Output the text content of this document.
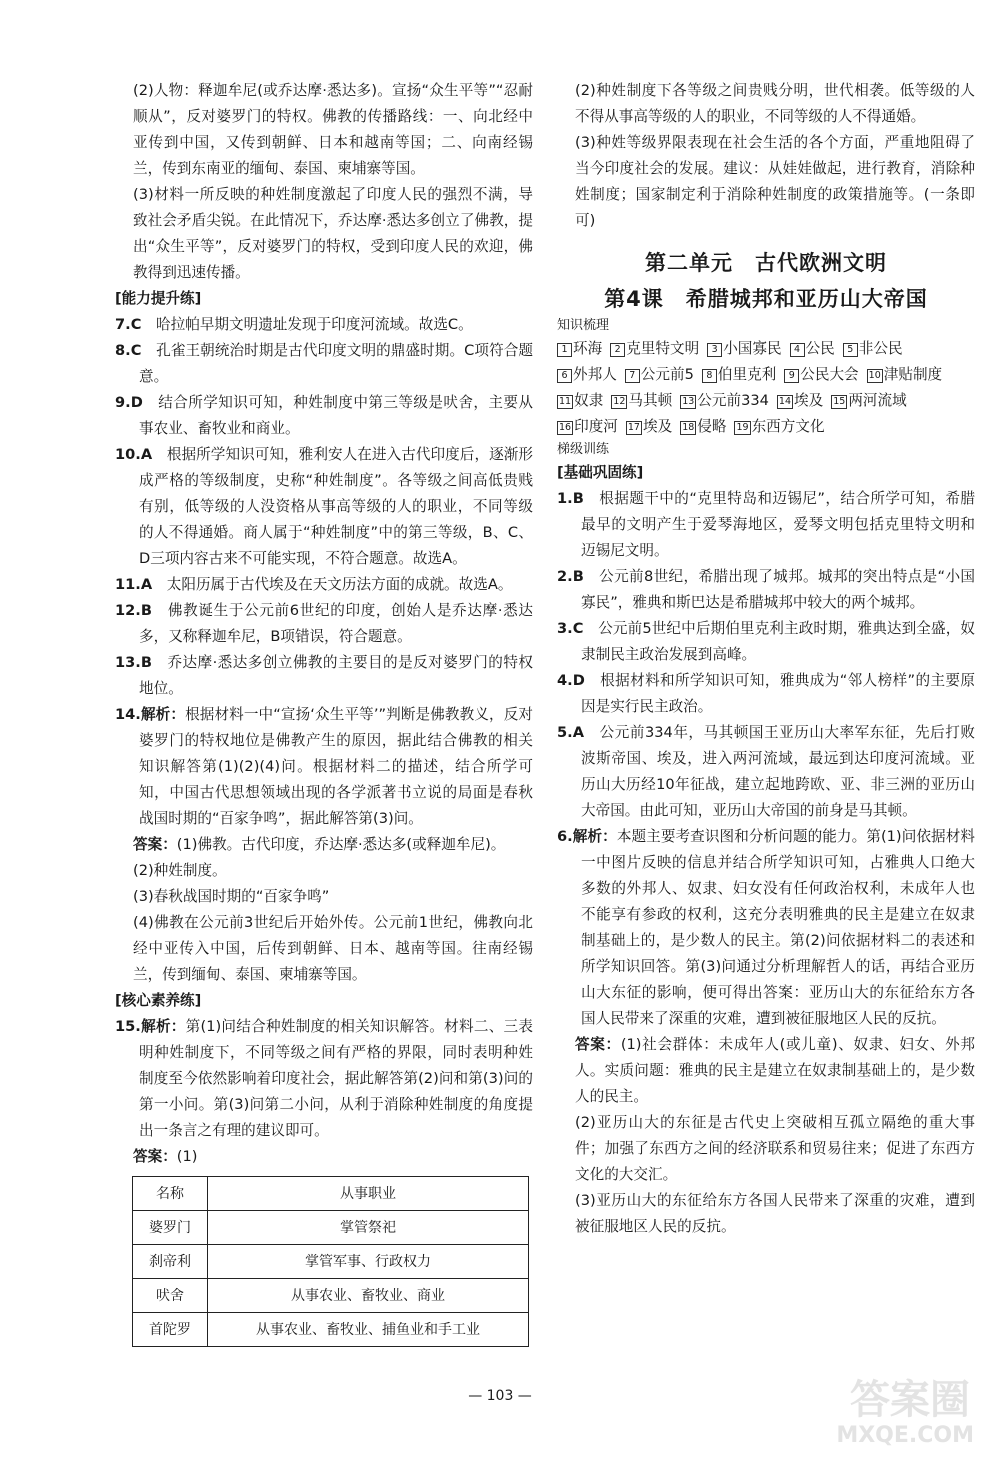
(2)人物：释迦牟尼(或乔达摩·悉达多)。宣扬“众生平等”“忍耐顺从”，反对婆罗门的特权。佛教的传播路线：一、向北经中亚传到中国，又传到朝鲜、日本和越南等国；二、向南经锡兰，传到东南亚的缅甸、泰国、柬埔寨等国。

(3)材料一所反映的种姓制度激起了印度人民的强烈不满，导致社会矛盾尖锐。在此情况下，乔达摩·悉达多创立了佛教，提出“众生平等”，反对婆罗门的特权，受到印度人民的欢迎，佛教得到迅速传播。

[能力提升练]

7.C　 哈拉帕早期文明遗址发现于印度河流域。故选C。

8.C　 孔雀王朝统治时期是古代印度文明的鼎盛时期。C项符合题意。

9.D　 结合所学知识可知，种姓制度中第三等级是吠舍，主要从事农业、畜牧业和商业。

10.A　 根据所学知识可知，雅利安人在进入古代印度后，逐渐形成严格的等级制度，史称“种姓制度”。各等级之间高低贵贱有别，低等级的人没资格从事高等级的人的职业，不同等级的人不得通婚。商人属于“种姓制度”中的第三等级，B、C、D三项内容古来不可能实现，不符合题意。故选A。

11.A　 太阳历属于古代埃及在天文历法方面的成就。故选A。

12.B　 佛教诞生于公元前6世纪的印度，创始人是乔达摩·悉达多，又称释迦牟尼，B项错误，符合题意。

13.B　 乔达摩·悉达多创立佛教的主要目的是反对婆罗门的特权地位。

14.解析：根据材料一中“宣扬‘众生平等’”判断是佛教教义，反对婆罗门的特权地位是佛教产生的原因，据此结合佛教的相关知识解答第(1)(2)(4)问。根据材料二的描述，结合所学可知，中国古代思想领域出现的各学派著书立说的局面是春秋战国时期的“百家争鸣”，据此解答第(3)问。

答案：(1)佛教。古代印度，乔达摩·悉达多(或释迦牟尼)。

(2)种姓制度。

(3)春秋战国时期的“百家争鸣”

(4)佛教在公元前3世纪后开始外传。公元前1世纪，佛教向北经中亚传入中国，后传到朝鲜、日本、越南等国。往南经锡兰，传到缅甸、泰国、柬埔寨等国。

[核心素养练]

15.解析：第(1)问结合种姓制度的相关知识解答。材料二、三表明种姓制度下，不同等级之间有严格的界限，同时表明种姓制度至今依然影响着印度社会，据此解答第(2)问和第(3)问的第一小问。第(3)问第二小问，从利于消除种姓制度的角度提出一条言之有理的建议即可。

答案：(1)

名称	从事职业
婆罗门	掌管祭祀
刹帝利	掌管军事、行政权力
吠舍	从事农业、畜牧业、商业
首陀罗	从事农业、畜牧业、捕鱼业和手工业

(2)种姓制度下各等级之间贵贱分明，世代相袭。低等级的人不得从事高等级的人的职业，不同等级的人不得通婚。

(3)种姓等级界限表现在社会生活的各个方面，严重地阻碍了当今印度社会的发展。建议：从娃娃做起，进行教育，消除种姓制度；国家制定利于消除种姓制度的政策措施等。(一条即可)

第二单元　古代欧洲文明
第4课　希腊城邦和亚历山大帝国

知识梳理

1 环海	2 克里特文明	3 小国寡民	4 公民	5 非公民
6 外邦人	7 公元前5	8 伯里克利	9 公民大会 10 津贴制度
11 奴隶 12 马其顿 13 公元前334 14 埃及 15 两河流域
16 印度河 17 埃及 18 侵略 19 东西方文化

梯级训练

[基础巩固练]

1.B　 根据题干中的“克里特岛和迈锡尼”，结合所学可知，希腊最早的文明产生于爱琴海地区，爱琴文明包括克里特文明和迈锡尼文明。

2.B　 公元前8世纪，希腊出现了城邦。城邦的突出特点是“小国寡民”，雅典和斯巴达是希腊城邦中较大的两个城邦。

3.C　 公元前5世纪中后期伯里克利主政时期，雅典达到全盛，奴隶制民主政治发展到高峰。

4.D　 根据材料和所学知识可知，雅典成为“邻人榜样”的主要原因是实行民主政治。

5.A　 公元前334年，马其顿国王亚历山大率军东征，先后打败波斯帝国、埃及，进入两河流域，最远到达印度河流域。亚历山大历经10年征战，建立起地跨欧、亚、非三洲的亚历山大帝国。由此可知，亚历山大帝国的前身是马其顿。

6.解析：本题主要考查识图和分析问题的能力。第(1)问依据材料一中图片反映的信息并结合所学知识可知，占雅典人口绝大多数的外邦人、奴隶、妇女没有任何政治权利，未成年人也不能享有参政的权利，这充分表明雅典的民主是建立在奴隶制基础上的，是少数人的民主。第(2)问依据材料二的表述和所学知识回答。第(3)问通过分析理解哲人的话，再结合亚历山大东征的影响，便可得出答案：亚历山大的东征给东方各国人民带来了深重的灾难，遭到被征服地区人民的反抗。

答案：(1)社会群体：未成年人(或儿童)、奴隶、妇女、外邦人。实质问题：雅典的民主是建立在奴隶制基础上的，是少数人的民主。

(2)亚历山大的东征是古代史上突破相互孤立隔绝的重大事件；加强了东西方之间的经济联系和贸易往来；促进了东西方文化的大交汇。

(3)亚历山大的东征给东方各国人民带来了深重的灾难，遭到被征服地区人民的反抗。

— 103 —	答案圈
MXQE.COM
